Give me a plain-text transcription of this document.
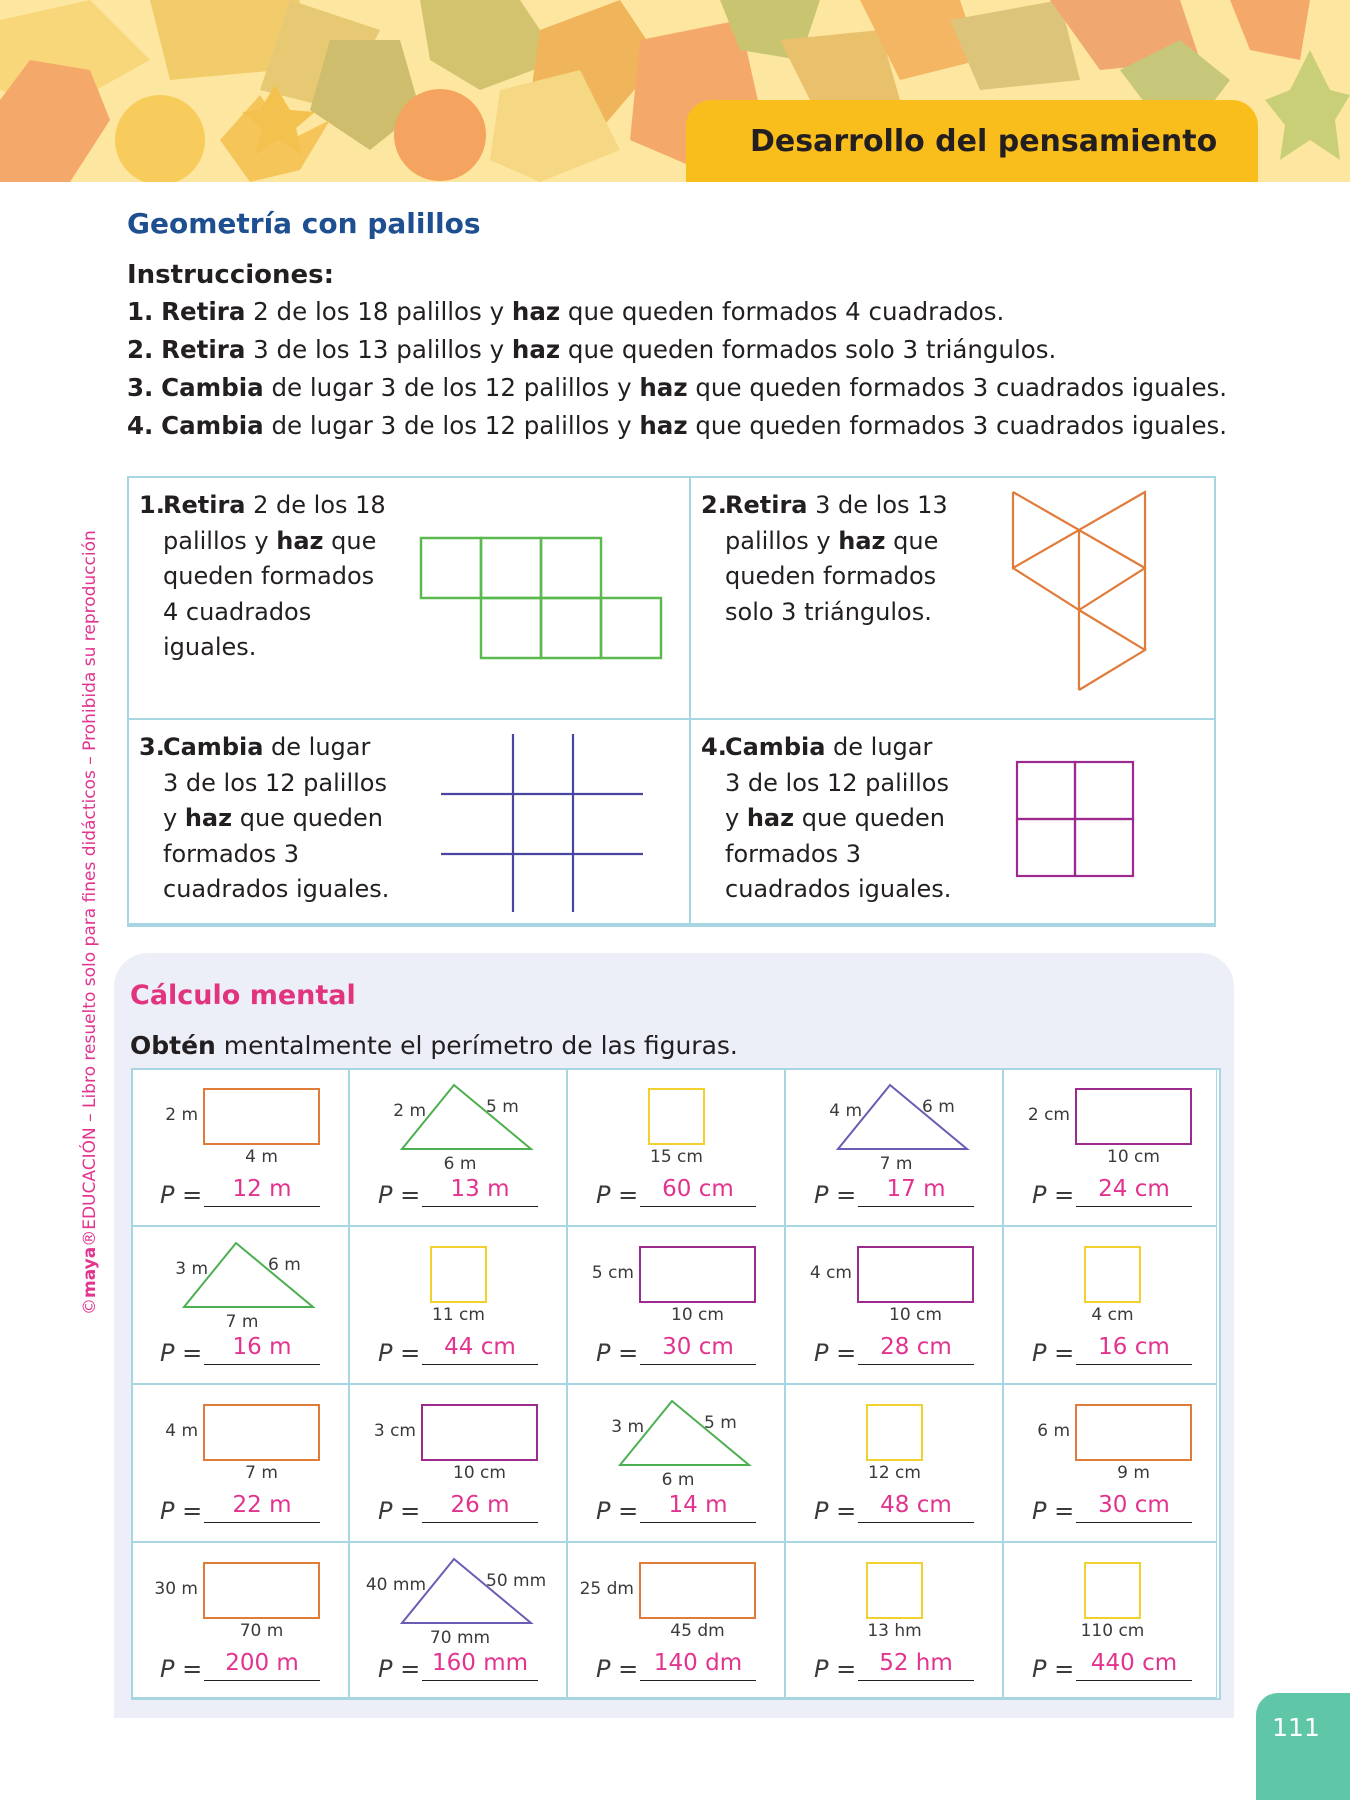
Desarrollo del pensamiento
©maya®EDUCACIÓN – Libro resuelto solo para fines didácticos – Prohibida su reproducción
Geometría con palillos
Instrucciones:
1. Retira 2 de los 18 palillos y haz que queden formados 4 cuadrados.
2. Retira 3 de los 13 palillos y haz que queden formados solo 3 triángulos.
3. Cambia de lugar 3 de los 12 palillos y haz que queden formados 3 cuadrados iguales.
4. Cambia de lugar 3 de los 12 palillos y haz que queden formados 3 cuadrados iguales.
1.Retira 2 de los 18
palillos y haz que
queden formados
4 cuadrados
iguales.
2.Retira 3 de los 13
palillos y haz que
queden formados
solo 3 triángulos.
3.Cambia de lugar
3 de los 12 palillos
y haz que queden
formados 3
cuadrados iguales.
4.Cambia de lugar
3 de los 12 palillos
y haz que queden
formados 3
cuadrados iguales.
Cálculo mental
Obtén mentalmente el perímetro de las figuras.
2 m
4 m
P =	12 m
2 m	5 m
6 m
P =	13 m
15 cm
P =	60 cm
4 m	6 m
7 m
P =	17 m
2 cm
10 cm
P =	24 cm
3 m	6 m
7 m
P =	16 m
11 cm
P =	44 cm
5 cm
10 cm
P =	30 cm
4 cm
10 cm
P =	28 cm
4 cm
P =	16 cm
4 m
7 m
P =	22 m
3 cm
10 cm
P =	26 m
3 m	5 m
6 m
P =	14 m
12 cm
P =	48 cm
6 m
9 m
P =	30 cm
30 m
70 m
P = 200 m
40 mm	50 mm
70 mm
P = 160 mm
25 dm
45 dm
P = 140 dm
13 hm
P =	52 hm
110 cm
P = 440 cm
111
